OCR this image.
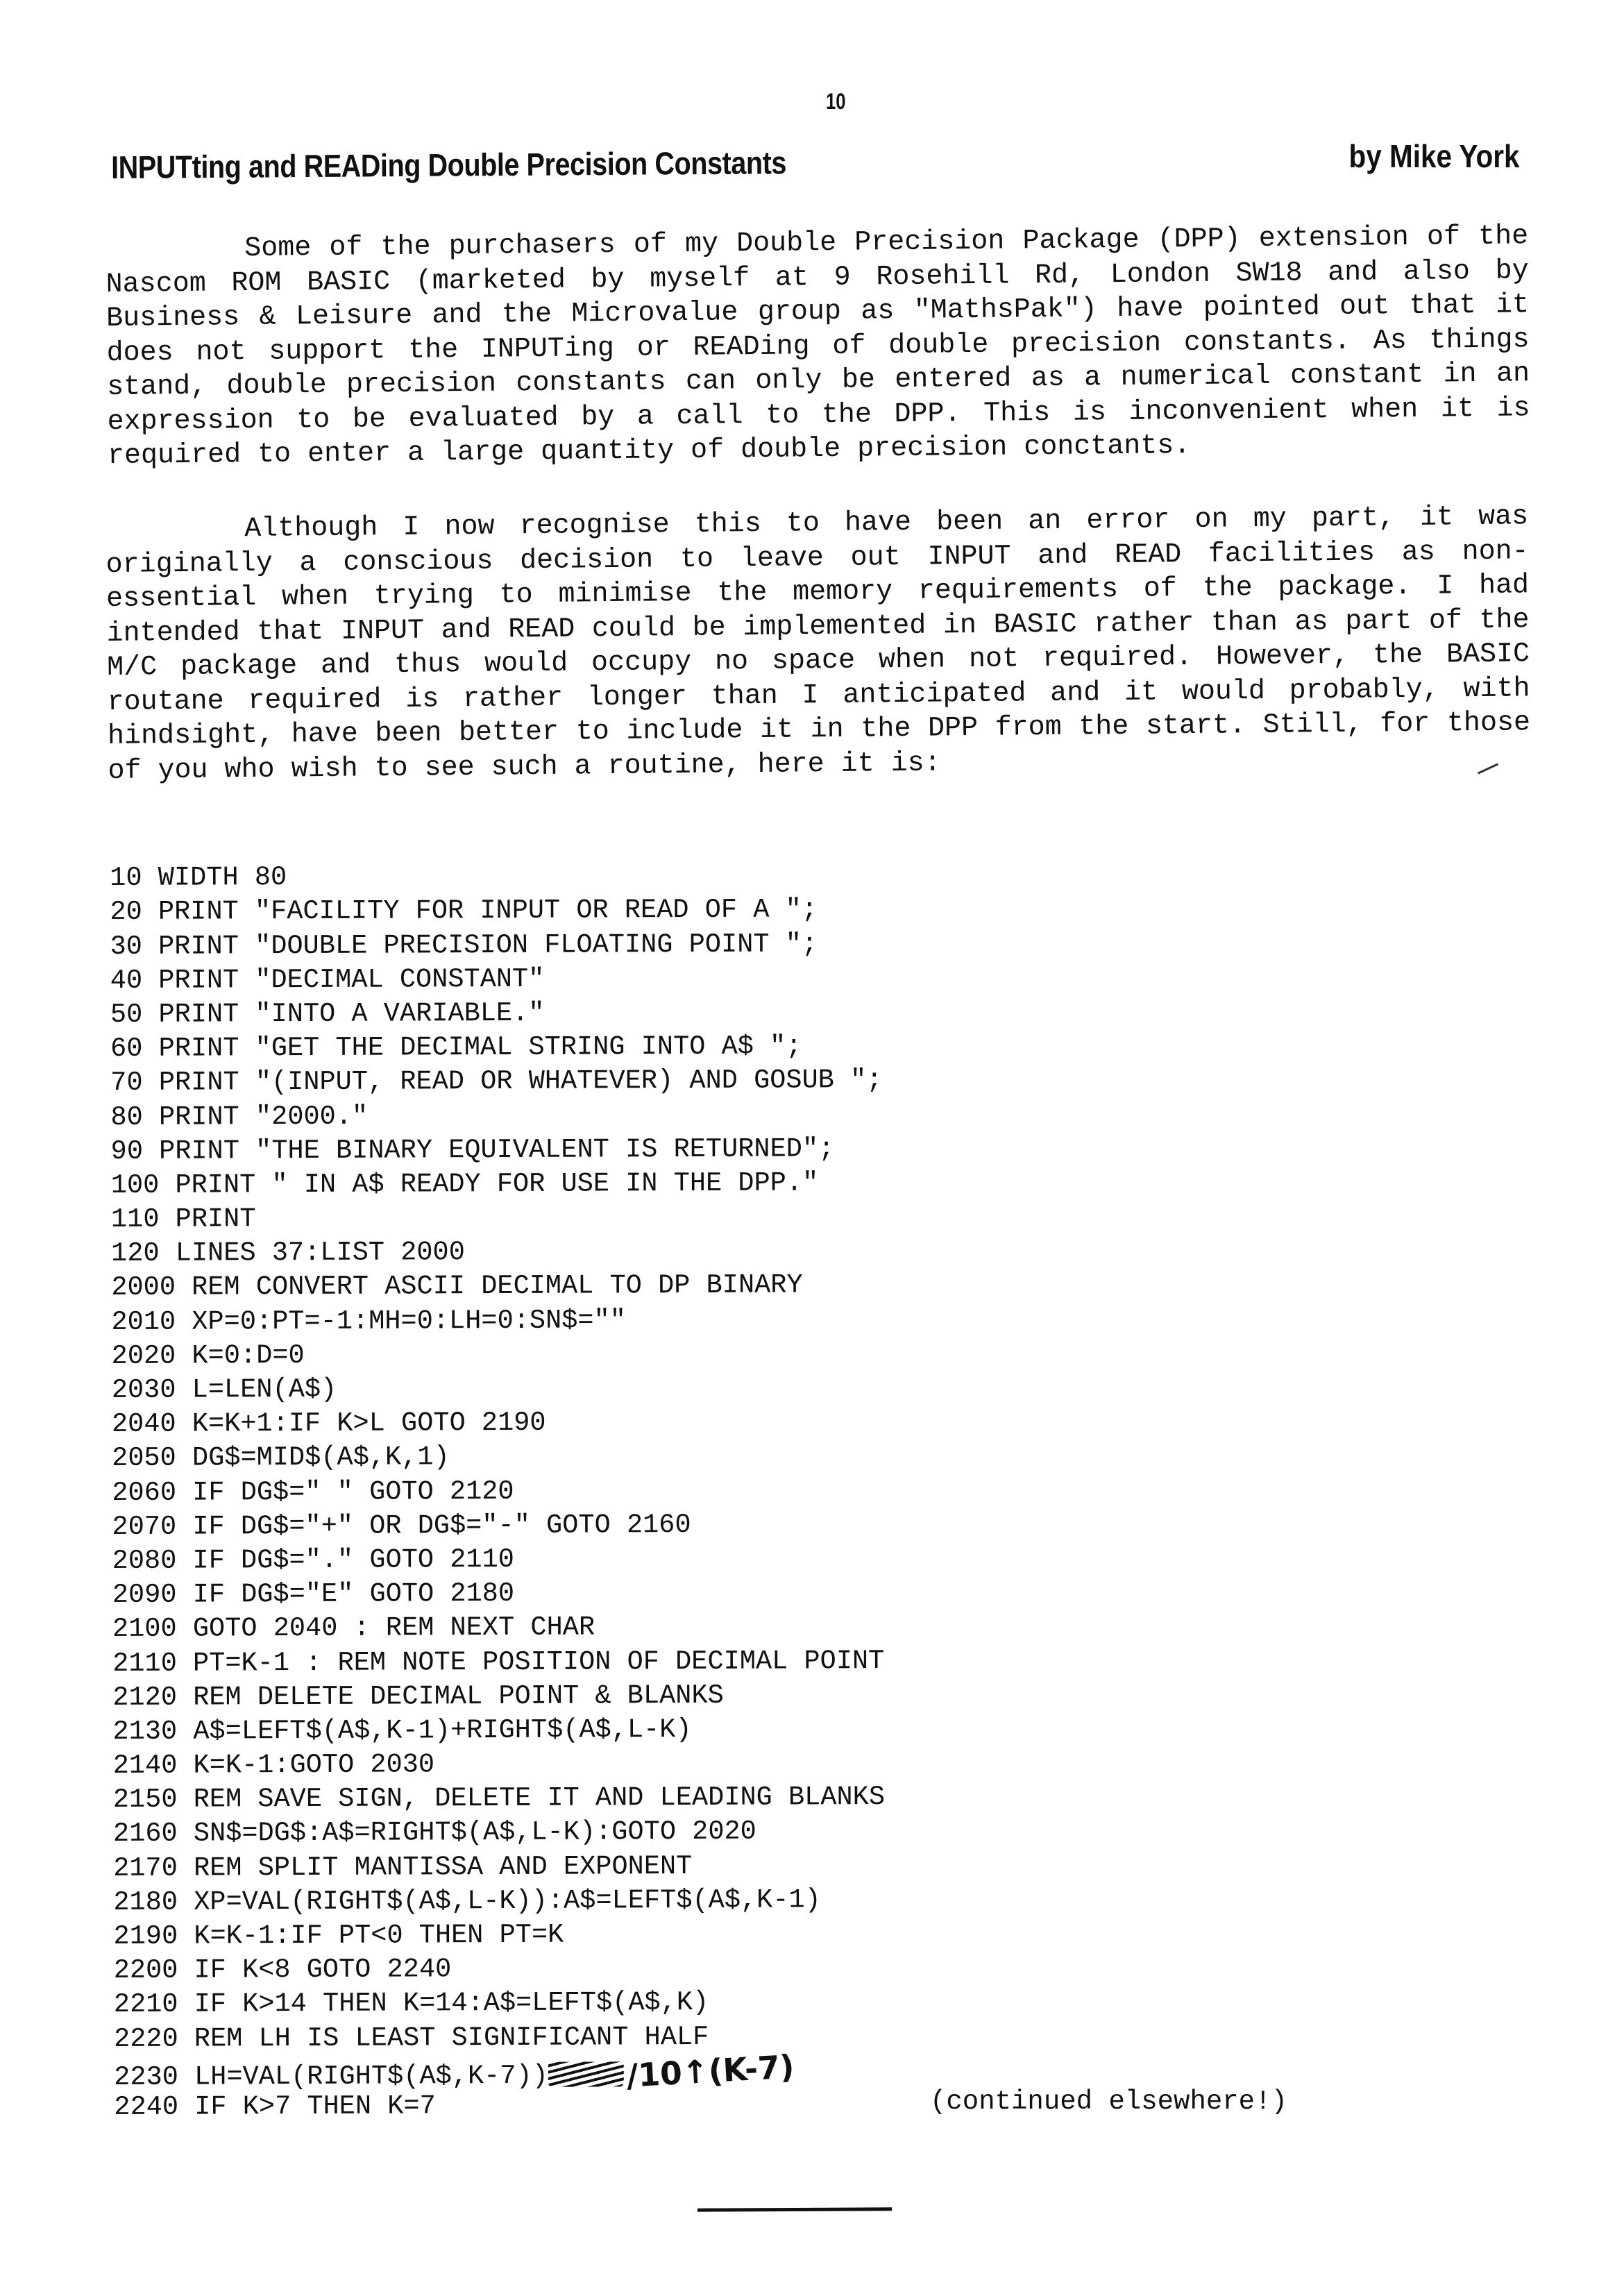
10
INPUTting and READing Double Precision Constants	by Mike York
Some of the purchasers of my Double Precision Package (DPP) extension of the Nascom ROM BASIC (marketed by myself at 9 Rosehill Rd, London SW18 and also by Business & Leisure and the Microvalue group as "MathsPak") have pointed out that it does not support the INPUTing or READing of double precision constants. As things stand, double precision constants can only be entered as a numerical constant in an expression to be evaluated by a call to the DPP. This is inconvenient when it is required to enter a large quantity of double precision conctants.
Although I now recognise this to have been an error on my part, it was originally a conscious decision to leave out INPUT and READ facilities as non-essential when trying to minimise the memory requirements of the package. I had intended that INPUT and READ could be implemented in BASIC rather than as part of the M/C package and thus would occupy no space when not required. However, the BASIC routane required is rather longer than I anticipated and it would probably, with hindsight, have been better to include it in the DPP from the start. Still, for those of you who wish to see such a routine, here it is:

10 WIDTH 80
20 PRINT "FACILITY FOR INPUT OR READ OF A ";
30 PRINT "DOUBLE PRECISION FLOATING POINT ";
40 PRINT "DECIMAL CONSTANT"
50 PRINT "INTO A VARIABLE."
60 PRINT "GET THE DECIMAL STRING INTO A$ ";
70 PRINT "(INPUT, READ OR WHATEVER) AND GOSUB ";
80 PRINT "2000."
90 PRINT "THE BINARY EQUIVALENT IS RETURNED";
100 PRINT " IN A$ READY FOR USE IN THE DPP."
110 PRINT
120 LINES 37:LIST 2000
2000 REM CONVERT ASCII DECIMAL TO DP BINARY
2010 XP=0:PT=-1:MH=0:LH=0:SN$=""
2020 K=0:D=0
2030 L=LEN(A$)
2040 K=K+1:IF K>L GOTO 2190
2050 DG$=MID$(A$,K,1)
2060 IF DG$=" " GOTO 2120
2070 IF DG$="+" OR DG$="-" GOTO 2160
2080 IF DG$="." GOTO 2110
2090 IF DG$="E" GOTO 2180
2100 GOTO 2040 : REM NEXT CHAR
2110 PT=K-1 : REM NOTE POSITION OF DECIMAL POINT
2120 REM DELETE DECIMAL POINT & BLANKS
2130 A$=LEFT$(A$,K-1)+RIGHT$(A$,L-K)
2140 K=K-1:GOTO 2030
2150 REM SAVE SIGN, DELETE IT AND LEADING BLANKS
2160 SN$=DG$:A$=RIGHT$(A$,L-K):GOTO 2020
2170 REM SPLIT MANTISSA AND EXPONENT
2180 XP=VAL(RIGHT$(A$,L-K)):A$=LEFT$(A$,K-1)
2190 K=K-1:IF PT<0 THEN PT=K
2200 IF K<8 GOTO 2240
2210 IF K>14 THEN K=14:A$=LEFT$(A$,K)
2220 REM LH IS LEAST SIGNIFICANT HALF
2230 LH=VAL(RIGHT$(A$,K-7)) /10↑(K-7)
2240 IF K>7 THEN K=7	(continued elsewhere!)
